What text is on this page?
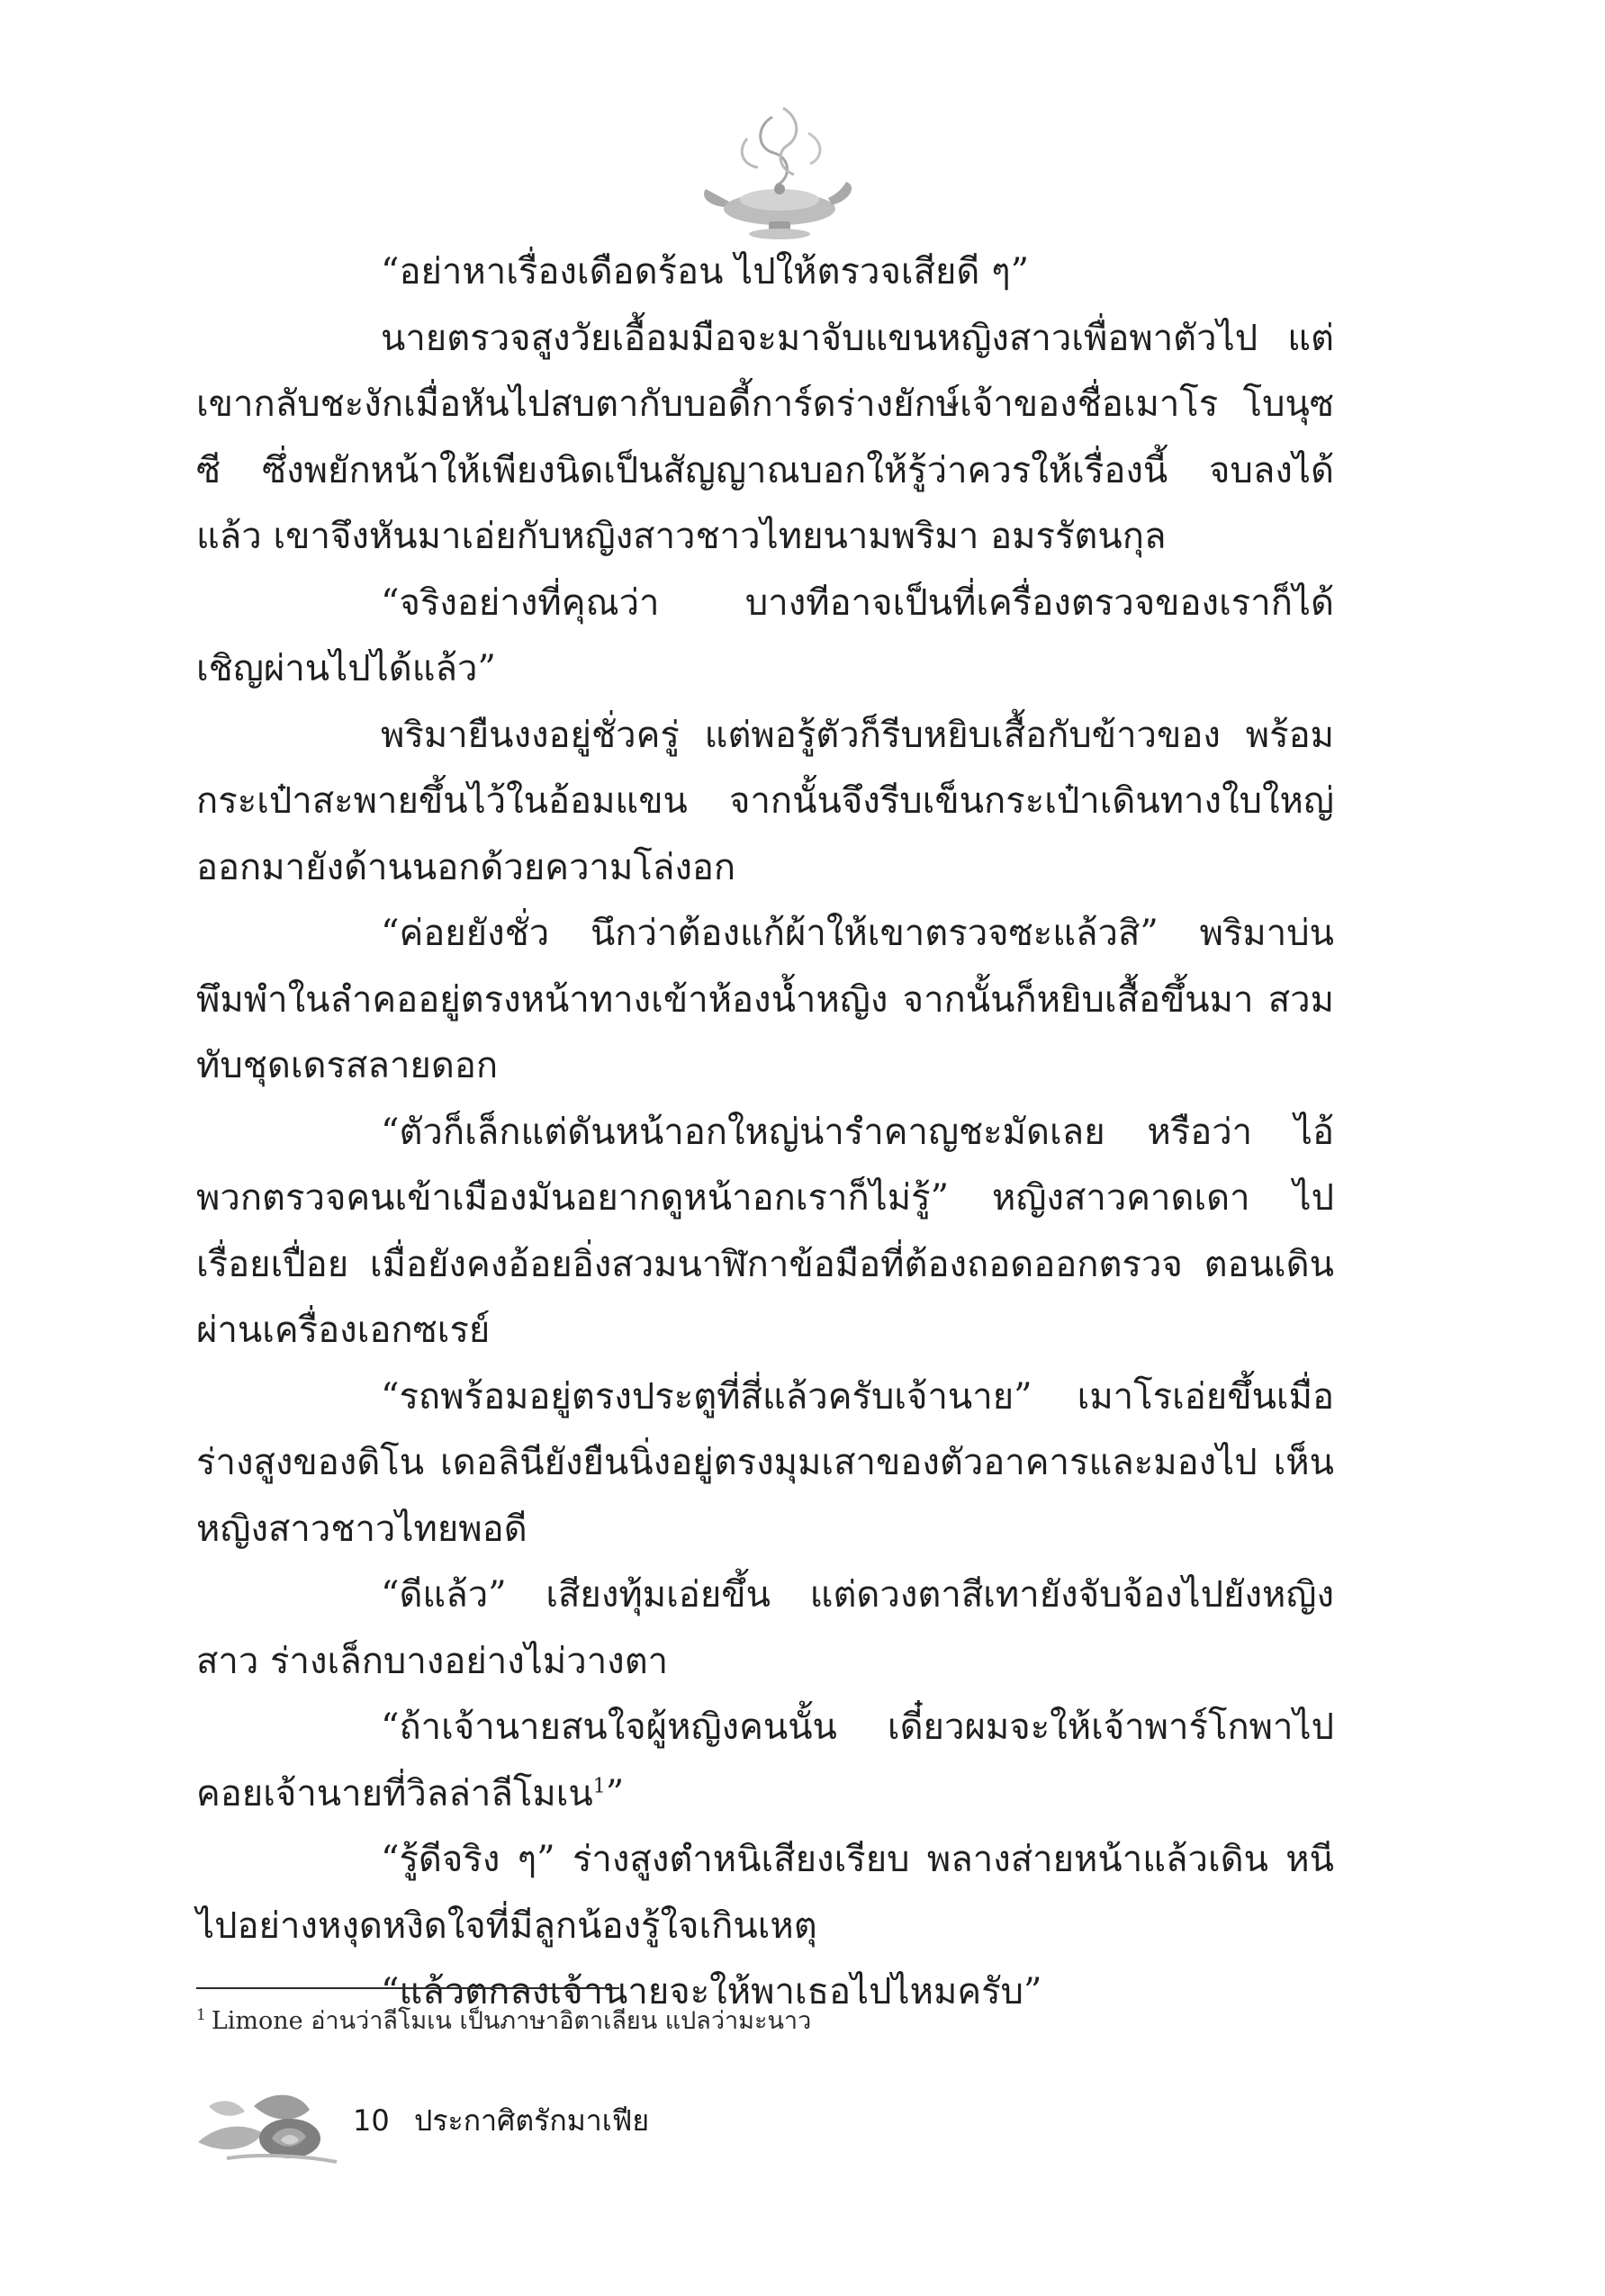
“อย่าหาเรื่องเดือดร้อน ไปให้ตรวจเสียดี ๆ”

นายตรวจสูงวัยเอื้อมมือจะมาจับแขนหญิงสาวเพื่อพาตัวไป แต่เขากลับชะงักเมื่อหันไปสบตากับบอดี้การ์ดร่างยักษ์เจ้าของชื่อเมาโร โบนุซซี ซึ่งพยักหน้าให้เพียงนิดเป็นสัญญาณบอกให้รู้ว่าควรให้เรื่องนี้ จบลงได้แล้ว เขาจึงหันมาเอ่ยกับหญิงสาวชาวไทยนามพริมา อมรรัตนกุล

“จริงอย่างที่คุณว่า บางทีอาจเป็นที่เครื่องตรวจของเราก็ได้ เชิญผ่านไปได้แล้ว”

พริมายืนงงอยู่ชั่วครู่ แต่พอรู้ตัวก็รีบหยิบเสื้อกับข้าวของ พร้อม กระเป๋าสะพายขึ้นไว้ในอ้อมแขน จากนั้นจึงรีบเข็นกระเป๋าเดินทางใบใหญ่ ออกมายังด้านนอกด้วยความโล่งอก

“ค่อยยังชั่ว นึกว่าต้องแก้ผ้าให้เขาตรวจซะแล้วสิ” พริมาบ่น พึมพำในลำคออยู่ตรงหน้าทางเข้าห้องน้ำหญิง จากนั้นก็หยิบเสื้อขึ้นมา สวมทับชุดเดรสลายดอก

“ตัวก็เล็กแต่ดันหน้าอกใหญ่น่ารำคาญชะมัดเลย หรือว่า ไอ้พวกตรวจคนเข้าเมืองมันอยากดูหน้าอกเราก็ไม่รู้” หญิงสาวคาดเดา ไปเรื่อยเปื่อย เมื่อยังคงอ้อยอิ่งสวมนาฬิกาข้อมือที่ต้องถอดออกตรวจ ตอนเดินผ่านเครื่องเอกซเรย์

“รถพร้อมอยู่ตรงประตูที่สี่แล้วครับเจ้านาย” เมาโรเอ่ยขึ้นเมื่อ ร่างสูงของดิโน เดอลินียังยืนนิ่งอยู่ตรงมุมเสาของตัวอาคารและมองไป เห็นหญิงสาวชาวไทยพอดี

“ดีแล้ว” เสียงทุ้มเอ่ยขึ้น แต่ดวงตาสีเทายังจับจ้องไปยังหญิงสาว ร่างเล็กบางอย่างไม่วางตา

“ถ้าเจ้านายสนใจผู้หญิงคนนั้น เดี๋ยวผมจะให้เจ้าพาร์โกพาไป คอยเจ้านายที่วิลล่าลีโมเน$^1$”

“รู้ดีจริง ๆ” ร่างสูงตำหนิเสียงเรียบ พลางส่ายหน้าแล้วเดิน หนีไปอย่างหงุดหงิดใจที่มีลูกน้องรู้ใจเกินเหตุ

“แล้วตกลงเจ้านายจะให้พาเธอไปไหมครับ”

$^1$ Limone อ่านว่าลีโมเน เป็นภาษาอิตาเลียน แปลว่ามะนาว
10 ประกาศิตรักมาเฟีย
